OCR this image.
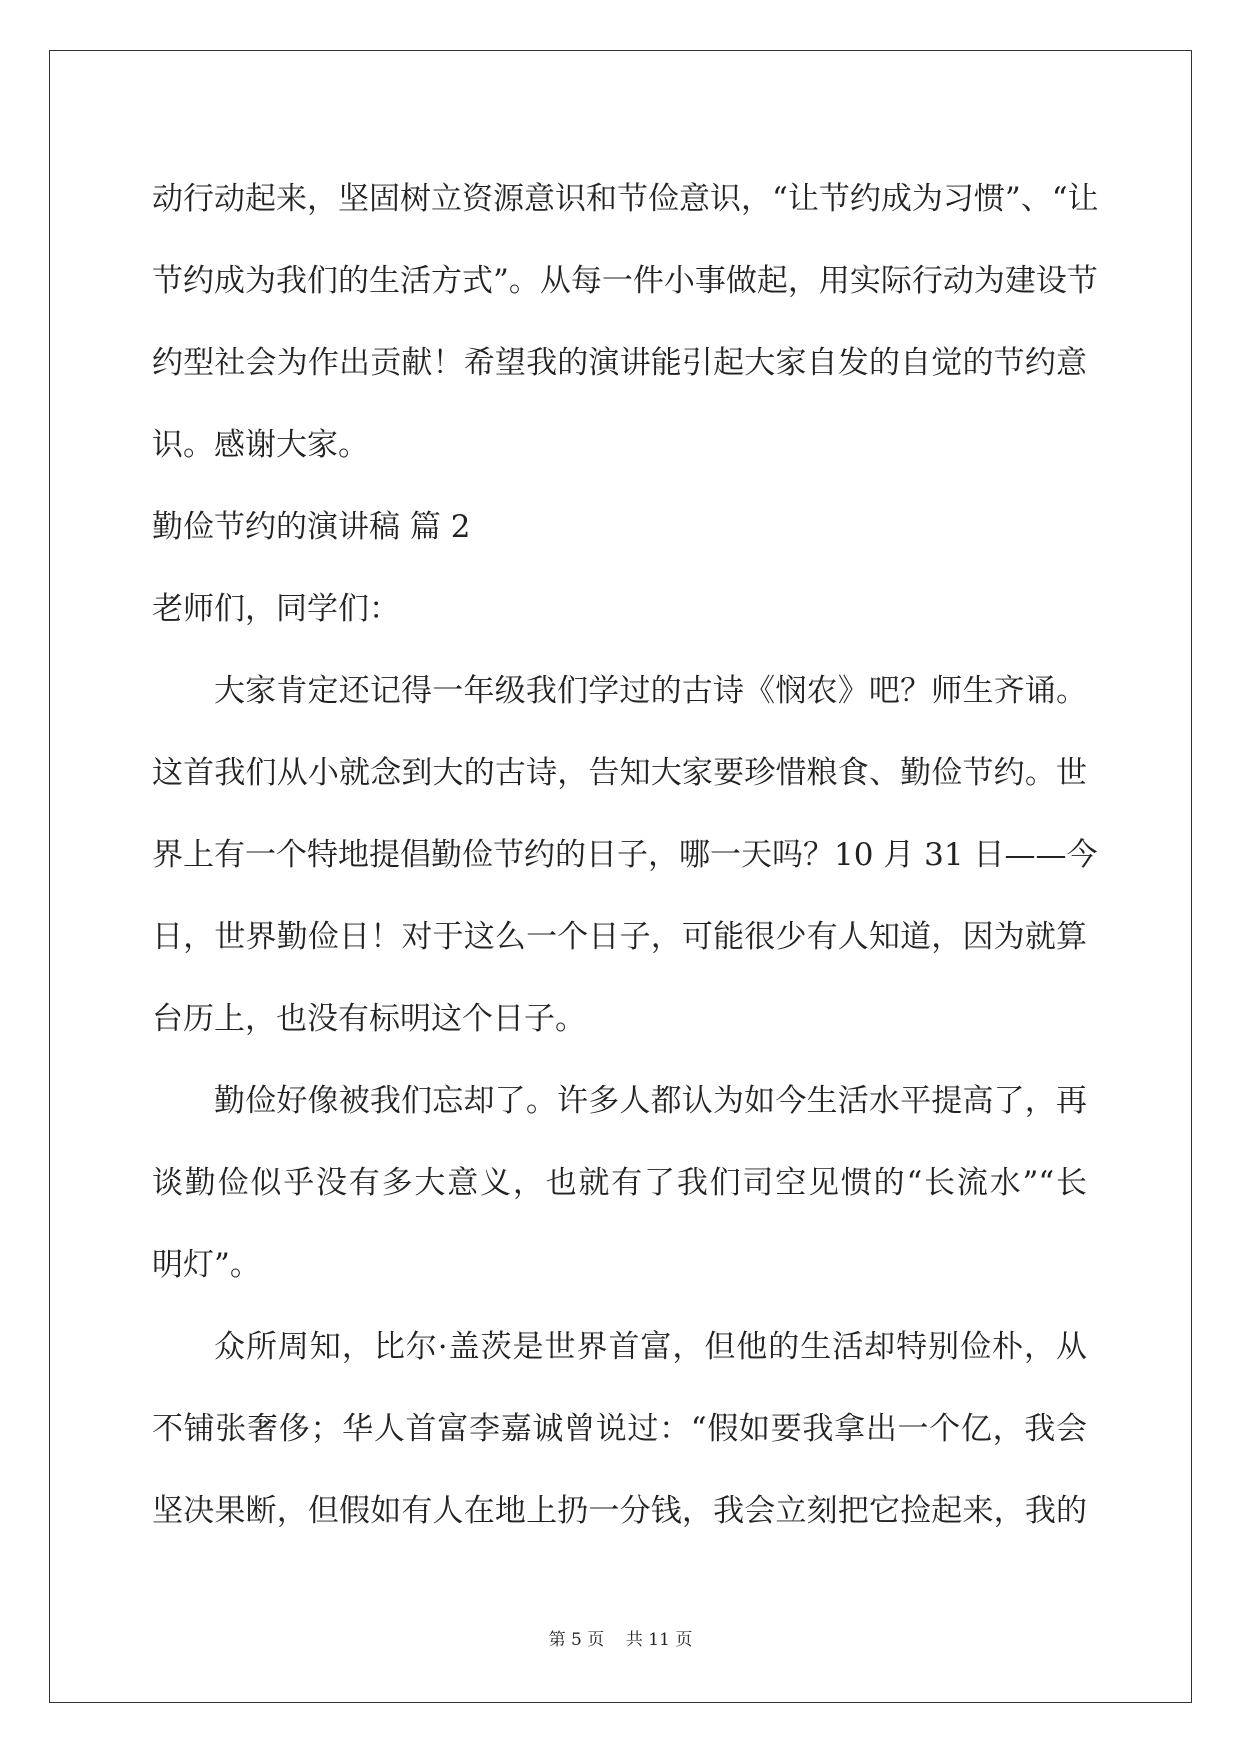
动行动起来，坚固树立资源意识和节俭意识，“让节约成为习惯”、“让
节约成为我们的生活方式”。从每一件小事做起，用实际行动为建设节
约型社会为作出贡献！希望我的演讲能引起大家自发的自觉的节约意
识。感谢大家。
勤俭节约的演讲稿 篇 2
老师们，同学们：
大家肯定还记得一年级我们学过的古诗《悯农》吧？师生齐诵。
这首我们从小就念到大的古诗，告知大家要珍惜粮食、勤俭节约。世
界上有一个特地提倡勤俭节约的日子，哪一天吗？10 月 31 日——今
日，世界勤俭日！对于这么一个日子，可能很少有人知道，因为就算
台历上，也没有标明这个日子。
勤俭好像被我们忘却了。许多人都认为如今生活水平提高了，再
谈勤俭似乎没有多大意义，也就有了我们司空见惯的“长流水”“长
明灯”。
众所周知，比尔·盖茨是世界首富，但他的生活却特别俭朴，从
不铺张奢侈；华人首富李嘉诚曾说过：“假如要我拿出一个亿，我会
坚决果断，但假如有人在地上扔一分钱，我会立刻把它捡起来，我的
第 5 页 共 11 页
